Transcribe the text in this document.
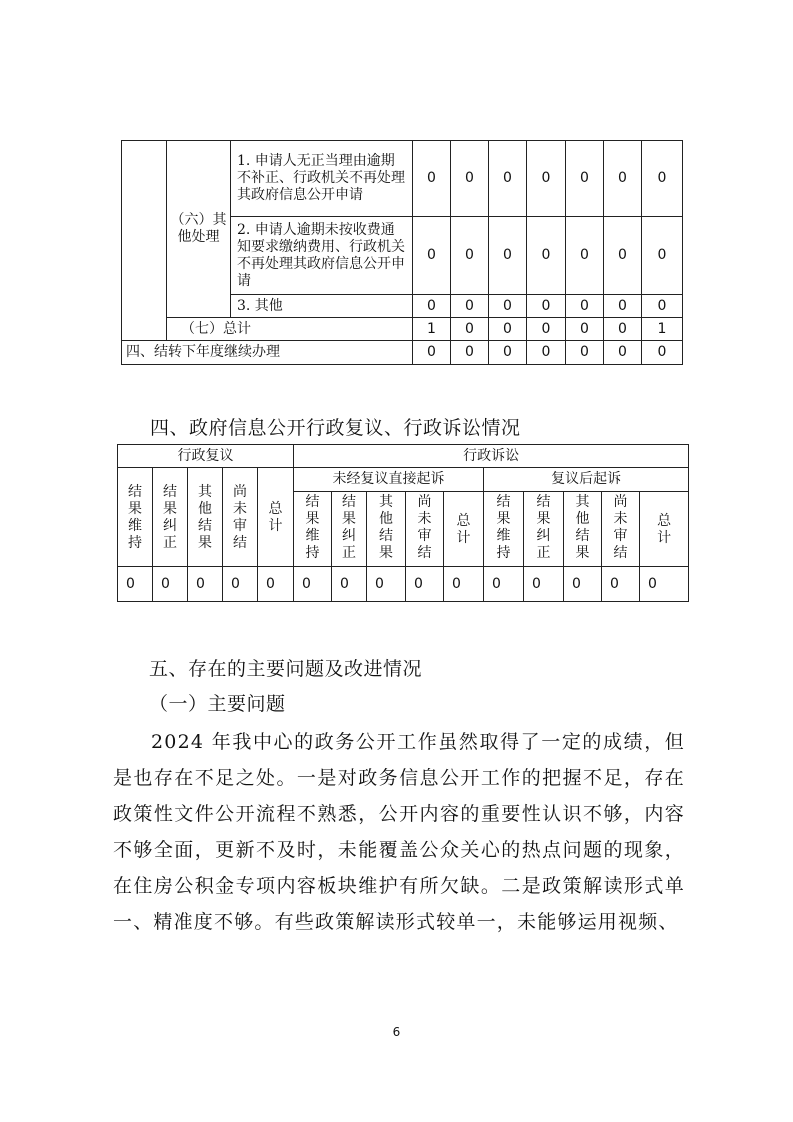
	（六）其他处理	1. 申请人无正当理由逾期不补正、行政机关不再处理其政府信息公开申请	0	0	0	0	0	0	0
		2. 申请人逾期未按收费通知要求缴纳费用、行政机关不再处理其政府信息公开申请	0	0	0	0	0	0	0
		3. 其他	0	0	0	0	0	0	0
	（七）总计		1	0	0	0	0	0	1
四、结转下年度继续办理			0	0	0	0	0	0	0
四、政府信息公开行政复议、行政诉讼情况
行政复议					行政诉讼									

结果维持	结果纠正	其他结果	尚未审结	总计	未经复议直接起诉					复议后起诉				

					结果维持	结果纠正	其他结果	尚未审结	总计	结果维持	结果纠正	其他结果	尚未审结	总计

0	0	0	0	0	0	0	0	0	0	0	0	0	0	0
五、存在的主要问题及改进情况
（一）主要问题
2024 年我中心的政务公开工作虽然取得了一定的成绩，但是也存在不足之处。一是对政务信息公开工作的把握不足，存在政策性文件公开流程不熟悉，公开内容的重要性认识不够，内容不够全面，更新不及时，未能覆盖公众关心的热点问题的现象，在住房公积金专项内容板块维护有所欠缺。二是政策解读形式单一、精准度不够。有些政策解读形式较单一，未能够运用视频、
6
